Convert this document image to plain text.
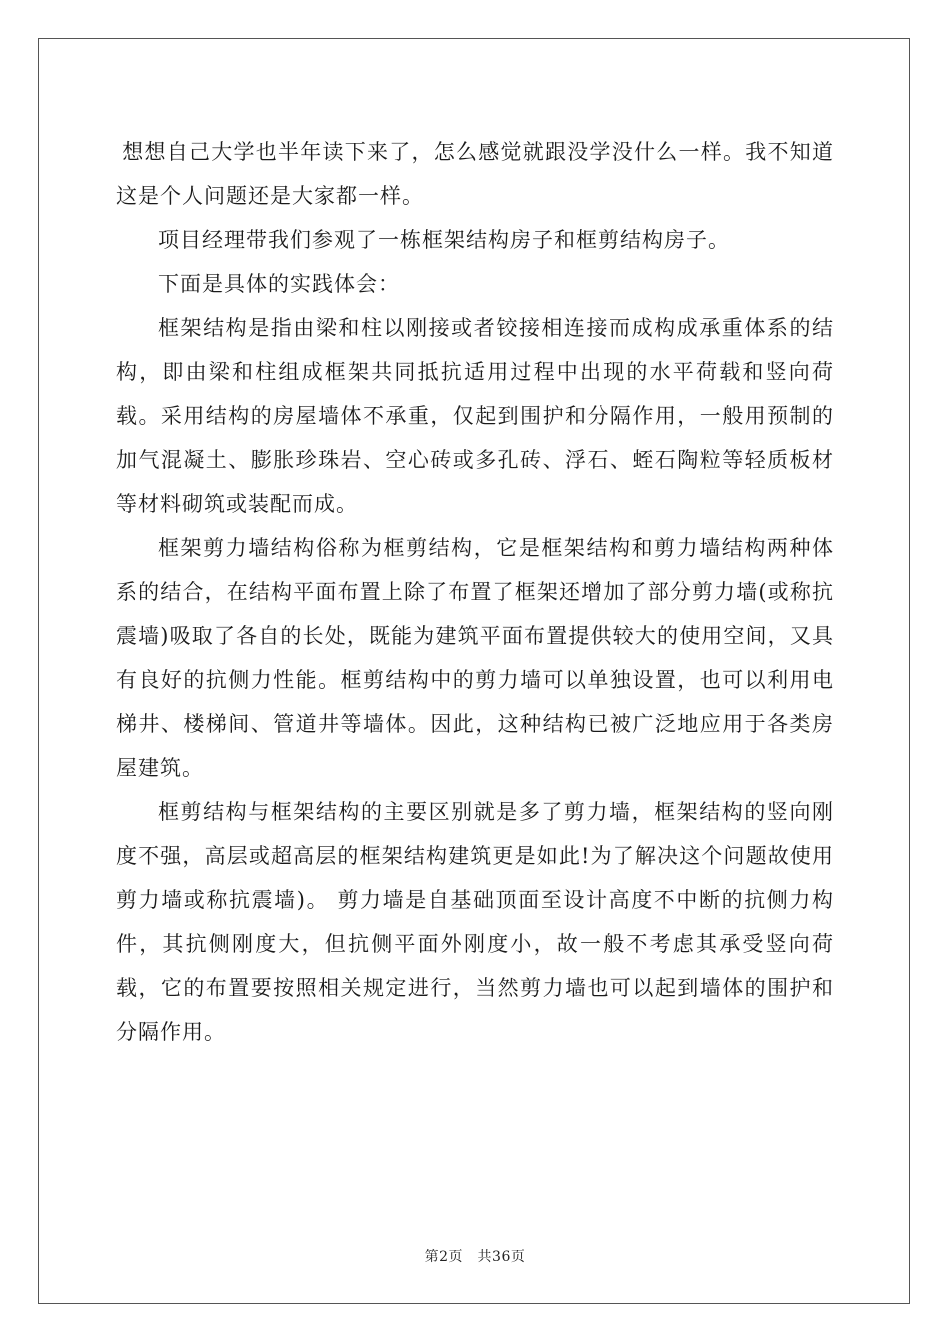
想想自己大学也半年读下来了，怎么感觉就跟没学没什么一样。我不知道这是个人问题还是大家都一样。

项目经理带我们参观了一栋框架结构房子和框剪结构房子。

下面是具体的实践体会：

框架结构是指由梁和柱以刚接或者铰接相连接而成构成承重体系的结构，即由梁和柱组成框架共同抵抗适用过程中出现的水平荷载和竖向荷载。采用结构的房屋墙体不承重，仅起到围护和分隔作用，一般用预制的加气混凝土、膨胀珍珠岩、空心砖或多孔砖、浮石、蛭石陶粒等轻质板材等材料砌筑或装配而成。

框架剪力墙结构俗称为框剪结构，它是框架结构和剪力墙结构两种体系的结合，在结构平面布置上除了布置了框架还增加了部分剪力墙(或称抗震墙)吸取了各自的长处，既能为建筑平面布置提供较大的使用空间，又具有良好的抗侧力性能。框剪结构中的剪力墙可以单独设置，也可以利用电梯井、楼梯间、管道井等墙体。因此，这种结构已被广泛地应用于各类房屋建筑。

框剪结构与框架结构的主要区别就是多了剪力墙，框架结构的竖向刚度不强，高层或超高层的框架结构建筑更是如此!为了解决这个问题故使用剪力墙或称抗震墙)。 剪力墙是自基础顶面至设计高度不中断的抗侧力构件，其抗侧刚度大，但抗侧平面外刚度小，故一般不考虑其承受竖向荷载，它的布置要按照相关规定进行，当然剪力墙也可以起到墙体的围护和分隔作用。

第2页　共36页
